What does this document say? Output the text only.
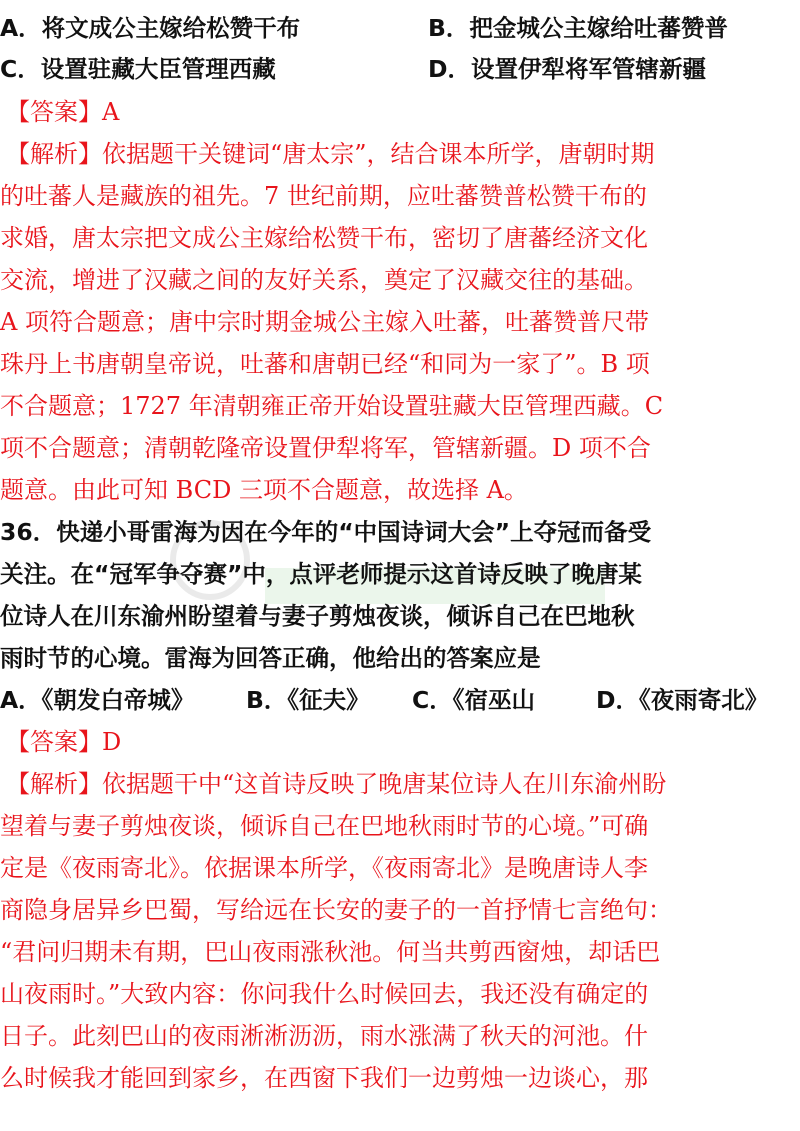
A．将文成公主嫁给松赞干布	B．把金城公主嫁给吐蕃赞普
C．设置驻藏大臣管理西藏	D．设置伊犁将军管辖新疆
【答案】A
【解析】依据题干关键词“唐太宗”，结合课本所学，唐朝时期
的吐蕃人是藏族的祖先。7 世纪前期，应吐蕃赞普松赞干布的
求婚，唐太宗把文成公主嫁给松赞干布，密切了唐蕃经济文化
交流，增进了汉藏之间的友好关系，奠定了汉藏交往的基础。
A 项符合题意；唐中宗时期金城公主嫁入吐蕃，吐蕃赞普尺带
珠丹上书唐朝皇帝说，吐蕃和唐朝已经“和同为一家了”。B 项
不合题意；1727 年清朝雍正帝开始设置驻藏大臣管理西藏。C
项不合题意；清朝乾隆帝设置伊犁将军，管辖新疆。D 项不合
题意。由此可知 BCD 三项不合题意，故选择 A。
36．快递小哥雷海为因在今年的“中国诗词大会”上夺冠而备受
关注。在“冠军争夺赛”中，点评老师提示这首诗反映了晚唐某
位诗人在川东渝州盼望着与妻子剪烛夜谈，倾诉自己在巴地秋
雨时节的心境。雷海为回答正确，他给出的答案应是
A．《朝发白帝城》 B．《征夫》 C．《宿巫山	D．《夜雨寄北》
【答案】D
【解析】依据题干中“这首诗反映了晚唐某位诗人在川东渝州盼
望着与妻子剪烛夜谈，倾诉自己在巴地秋雨时节的心境。”可确
定是《夜雨寄北》。依据课本所学，《夜雨寄北》是晚唐诗人李
商隐身居异乡巴蜀，写给远在长安的妻子的一首抒情七言绝句：
“君问归期未有期，巴山夜雨涨秋池。何当共剪西窗烛，却话巴
山夜雨时。”大致内容：你问我什么时候回去，我还没有确定的
日子。此刻巴山的夜雨淅淅沥沥，雨水涨满了秋天的河池。什
么时候我才能回到家乡，在西窗下我们一边剪烛一边谈心，那
